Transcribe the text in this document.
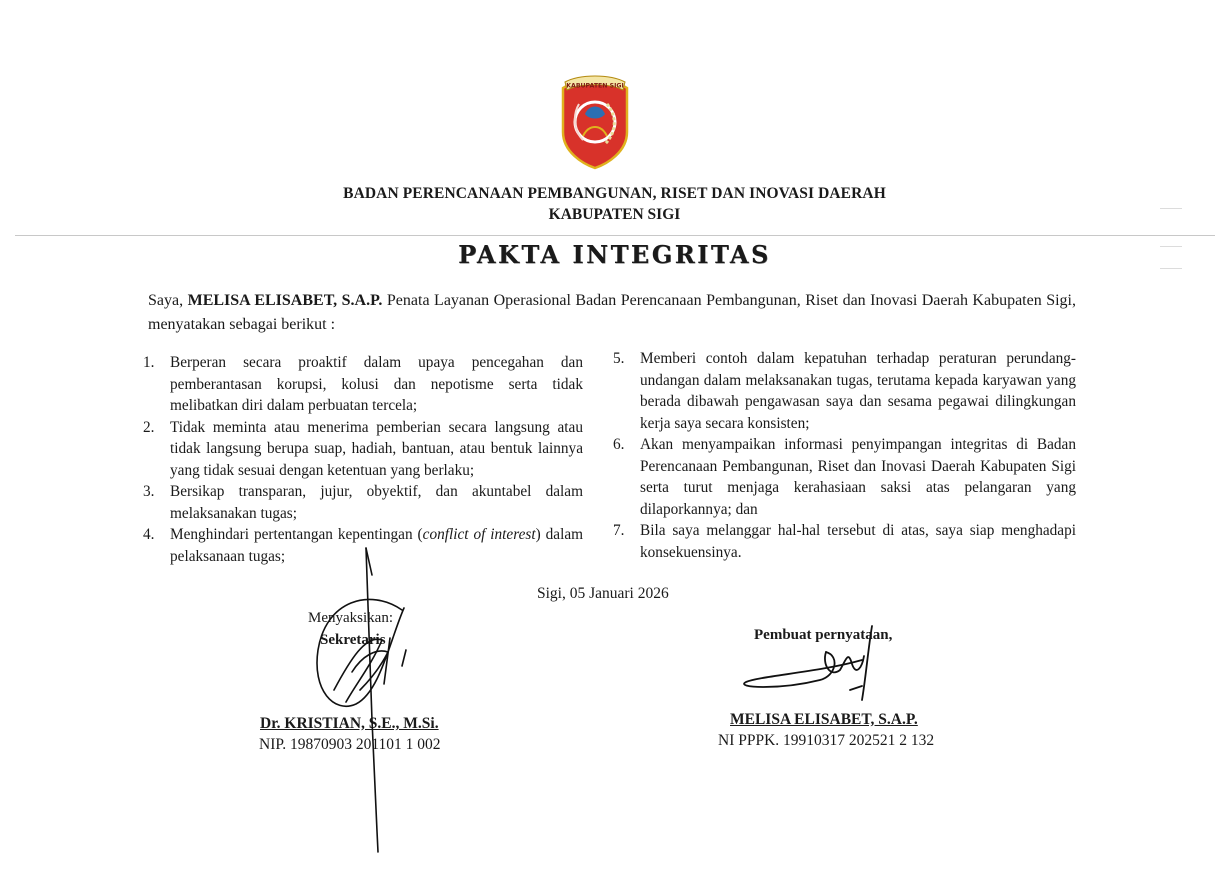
KABUPATEN SIGI
BADAN PERENCANAAN PEMBANGUNAN, RISET DAN INOVASI DAERAH
KABUPATEN SIGI
PAKTA INTEGRITAS
Saya, MELISA ELISABET, S.A.P. Penata Layanan Operasional Badan Perencanaan Pembangunan, Riset dan Inovasi Daerah Kabupaten Sigi, menyatakan sebagai berikut :
1. Berperan secara proaktif dalam upaya pencegahan dan pemberantasan korupsi, kolusi dan nepotisme serta tidak melibatkan diri dalam perbuatan tercela;
2. Tidak meminta atau menerima pemberian secara langsung atau tidak langsung berupa suap, hadiah, bantuan, atau bentuk lainnya yang tidak sesuai dengan ketentuan yang berlaku;
3. Bersikap transparan, jujur, obyektif, dan akuntabel dalam melaksanakan tugas;
4. Menghindari pertentangan kepentingan (conflict of interest) dalam pelaksanaan tugas;
5. Memberi contoh dalam kepatuhan terhadap peraturan perundang-undangan dalam melaksanakan tugas, terutama kepada karyawan yang berada dibawah pengawasan saya dan sesama pegawai dilingkungan kerja saya secara konsisten;
6. Akan menyampaikan informasi penyimpangan integritas di Badan Perencanaan Pembangunan, Riset dan Inovasi Daerah Kabupaten Sigi serta turut menjaga kerahasiaan saksi atas pelangaran yang dilaporkannya; dan
7. Bila saya melanggar hal-hal tersebut di atas, saya siap menghadapi konsekuensinya.
Sigi, 05 Januari 2026
Menyaksikan:
Sekretaris	Pembuat pernyataan,
Dr. KRISTIAN, S.E., M.Si.
NIP. 19870903 201101 1 002
MELISA ELISABET, S.A.P.
NI PPPK. 19910317 202521 2 132
